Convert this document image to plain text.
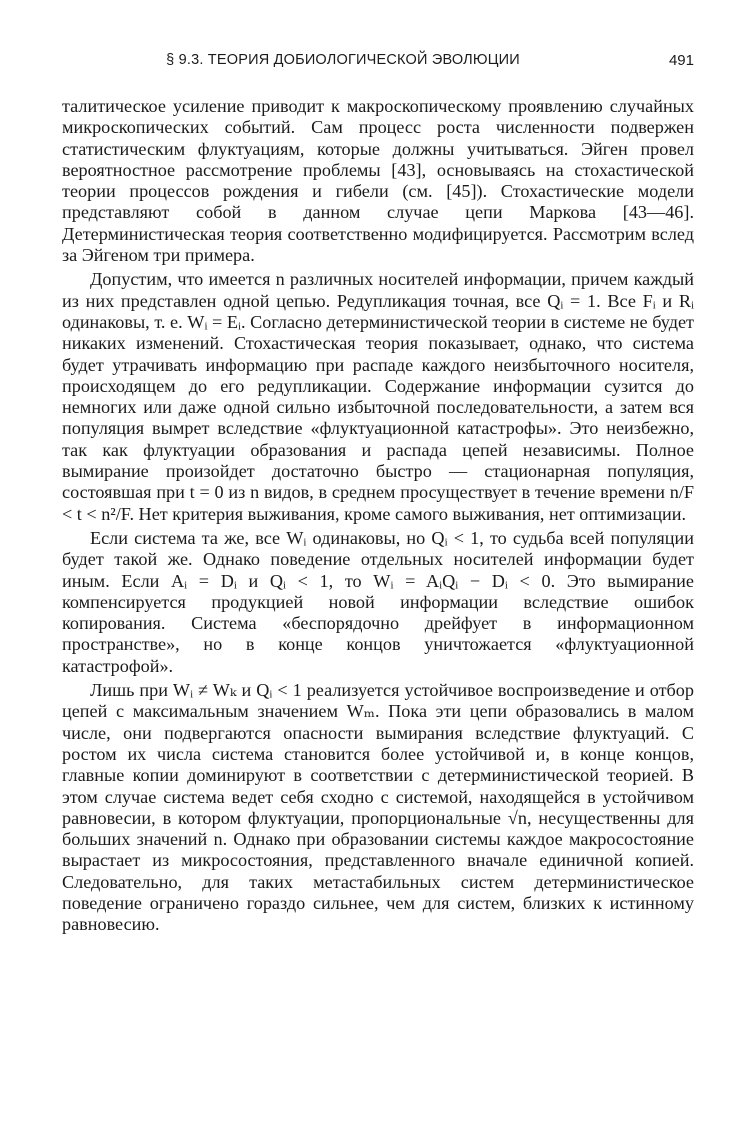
§ 9.3. ТЕОРИЯ ДОБИОЛОГИЧЕСКОЙ ЭВОЛЮЦИИ	491

талитическое усиление приводит к макроскопическому проявлению случайных микроскопических событий. Сам процесс роста численности подвержен статистическим флуктуациям, которые должны учитываться. Эйген провел вероятностное рассмотрение проблемы [43], основываясь на стохастической теории процессов рождения и гибели (см. [45]). Стохастические модели представляют собой в данном случае цепи Маркова [43—46]. Детерминистическая теория соответственно модифицируется. Рассмотрим вслед за Эйгеном три примера.

Допустим, что имеется n различных носителей информации, причем каждый из них представлен одной цепью. Редупликация точная, все Qᵢ = 1. Все Fᵢ и Rᵢ одинаковы, т. е. Wᵢ = Eᵢ. Согласно детерминистической теории в системе не будет никаких изменений. Стохастическая теория показывает, однако, что система будет утрачивать информацию при распаде каждого неизбыточного носителя, происходящем до его редупликации. Содержание информации сузится до немногих или даже одной сильно избыточной последовательности, а затем вся популяция вымрет вследствие «флуктуационной катастрофы». Это неизбежно, так как флуктуации образования и распада цепей независимы. Полное вымирание произойдет достаточно быстро — стационарная популяция, состоявшая при t = 0 из n видов, в среднем просуществует в течение времени n/F < t < n²/F. Нет критерия выживания, кроме самого выживания, нет оптимизации.

Если система та же, все Wᵢ одинаковы, но Qᵢ < 1, то судьба всей популяции будет такой же. Однако поведение отдельных носителей информации будет иным. Если Aᵢ = Dᵢ и Qᵢ < 1, то Wᵢ = AᵢQᵢ − Dᵢ < 0. Это вымирание компенсируется продукцией новой информации вследствие ошибок копирования. Система «беспорядочно дрейфует в информационном пространстве», но в конце концов уничтожается «флуктуационной катастрофой».

Лишь при Wᵢ ≠ Wₖ и Qᵢ < 1 реализуется устойчивое воспроизведение и отбор цепей с максимальным значением Wₘ. Пока эти цепи образовались в малом числе, они подвергаются опасности вымирания вследствие флуктуаций. С ростом их числа система становится более устойчивой и, в конце концов, главные копии доминируют в соответствии с детерминистической теорией. В этом случае система ведет себя сходно с системой, находящейся в устойчивом равновесии, в котором флуктуации, пропорциональные √n, несущественны для больших значений n. Однако при образовании системы каждое макросостояние вырастает из микросостояния, представленного вначале единичной копией. Следовательно, для таких метастабильных систем детерминистическое поведение ограничено гораздо сильнее, чем для систем, близких к истинному равновесию.
